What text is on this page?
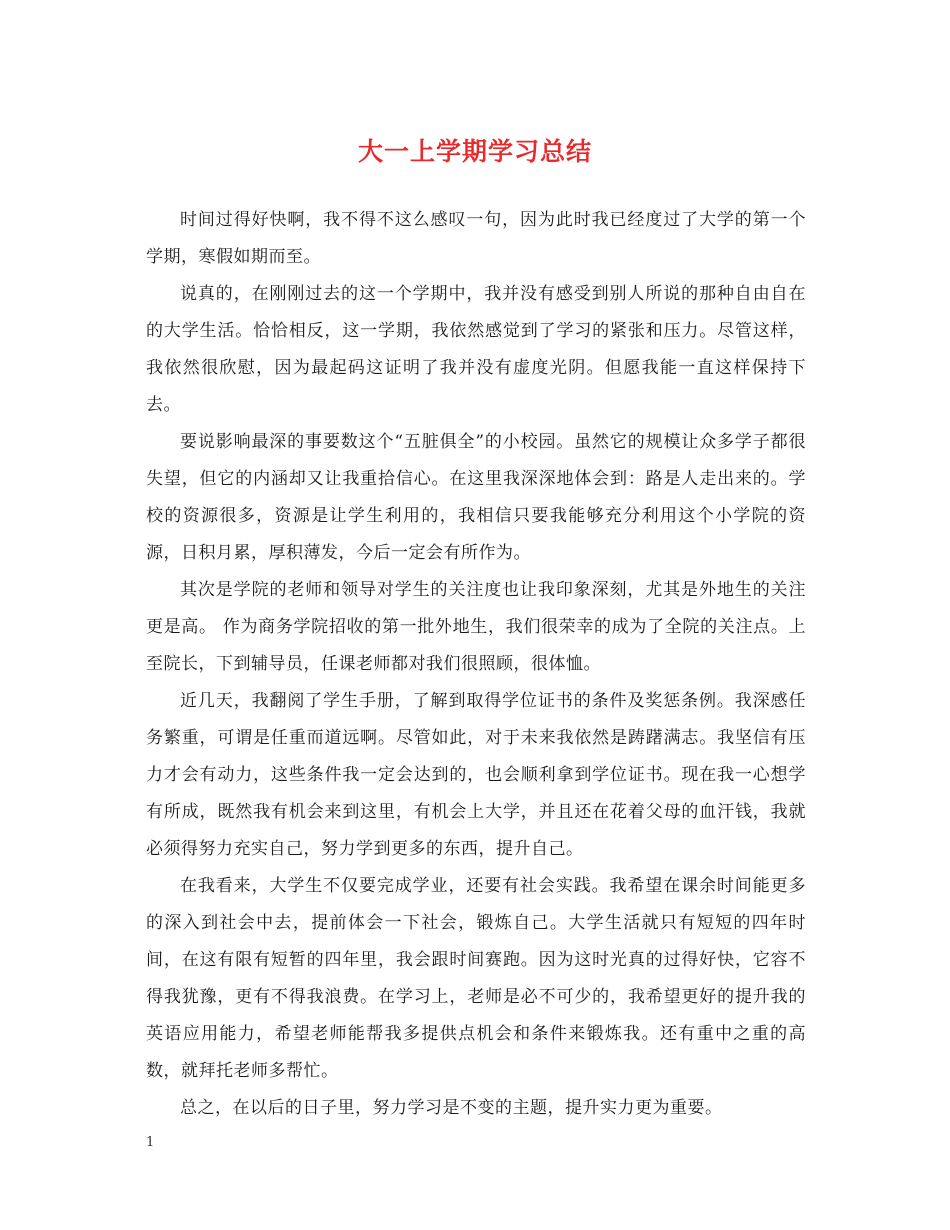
大一上学期学习总结

时间过得好快啊，我不得不这么感叹一句，因为此时我已经度过了大学的第一个学期，寒假如期而至。

说真的，在刚刚过去的这一个学期中，我并没有感受到别人所说的那种自由自在的大学生活。恰恰相反，这一学期，我依然感觉到了学习的紧张和压力。尽管这样，我依然很欣慰，因为最起码这证明了我并没有虚度光阴。但愿我能一直这样保持下去。

要说影响最深的事要数这个“五脏俱全”的小校园。虽然它的规模让众多学子都很失望，但它的内涵却又让我重拾信心。在这里我深深地体会到：路是人走出来的。学校的资源很多，资源是让学生利用的，我相信只要我能够充分利用这个小学院的资源，日积月累，厚积薄发，今后一定会有所作为。

其次是学院的老师和领导对学生的关注度也让我印象深刻，尤其是外地生的关注更是高。 作为商务学院招收的第一批外地生，我们很荣幸的成为了全院的关注点。上至院长，下到辅导员，任课老师都对我们很照顾，很体恤。

近几天，我翻阅了学生手册，了解到取得学位证书的条件及奖惩条例。我深感任务繁重，可谓是任重而道远啊。尽管如此，对于未来我依然是踌躇满志。我坚信有压力才会有动力，这些条件我一定会达到的，也会顺利拿到学位证书。现在我一心想学有所成，既然我有机会来到这里，有机会上大学，并且还在花着父母的血汗钱，我就必须得努力充实自己，努力学到更多的东西，提升自己。

在我看来，大学生不仅要完成学业，还要有社会实践。我希望在课余时间能更多的深入到社会中去，提前体会一下社会，锻炼自己。大学生活就只有短短的四年时间，在这有限有短暂的四年里，我会跟时间赛跑。因为这时光真的过得好快，它容不得我犹豫，更有不得我浪费。在学习上，老师是必不可少的，我希望更好的提升我的英语应用能力，希望老师能帮我多提供点机会和条件来锻炼我。还有重中之重的高数，就拜托老师多帮忙。

总之，在以后的日子里，努力学习是不变的主题，提升实力更为重要。

1
